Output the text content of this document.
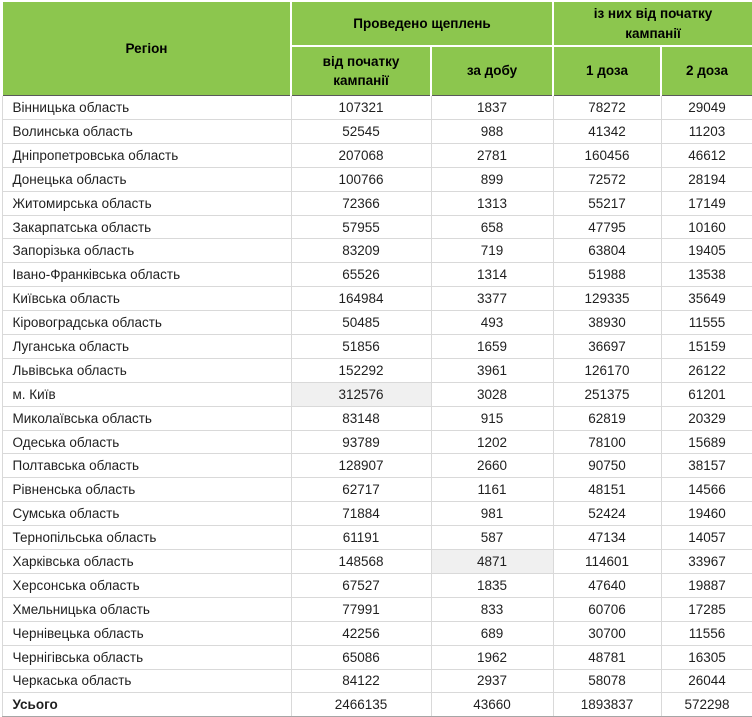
Регіон	Проведено щеплень		із них від початку кампанії	
	від початку кампанії	за добу	1 доза	2 доза
Вінницька область	107321	1837	78272	29049
Волинська область	52545	988	41342	11203
Дніпропетровська область	207068	2781	160456	46612
Донецька область	100766	899	72572	28194
Житомирська область	72366	1313	55217	17149
Закарпатська область	57955	658	47795	10160
Запорізька область	83209	719	63804	19405
Івано-Франківська область	65526	1314	51988	13538
Київська область	164984	3377	129335	35649
Кіровоградська область	50485	493	38930	11555
Луганська область	51856	1659	36697	15159
Львівська область	152292	3961	126170	26122
м. Київ	312576	3028	251375	61201
Миколаївська область	83148	915	62819	20329
Одеська область	93789	1202	78100	15689
Полтавська область	128907	2660	90750	38157
Рівненська область	62717	1161	48151	14566
Сумська область	71884	981	52424	19460
Тернопільська область	61191	587	47134	14057
Харківська область	148568	4871	114601	33967
Херсонська область	67527	1835	47640	19887
Хмельницька область	77991	833	60706	17285
Чернівецька область	42256	689	30700	11556
Чернігівська область	65086	1962	48781	16305
Черкаська область	84122	2937	58078	26044
Усього	2466135	43660	1893837	572298
